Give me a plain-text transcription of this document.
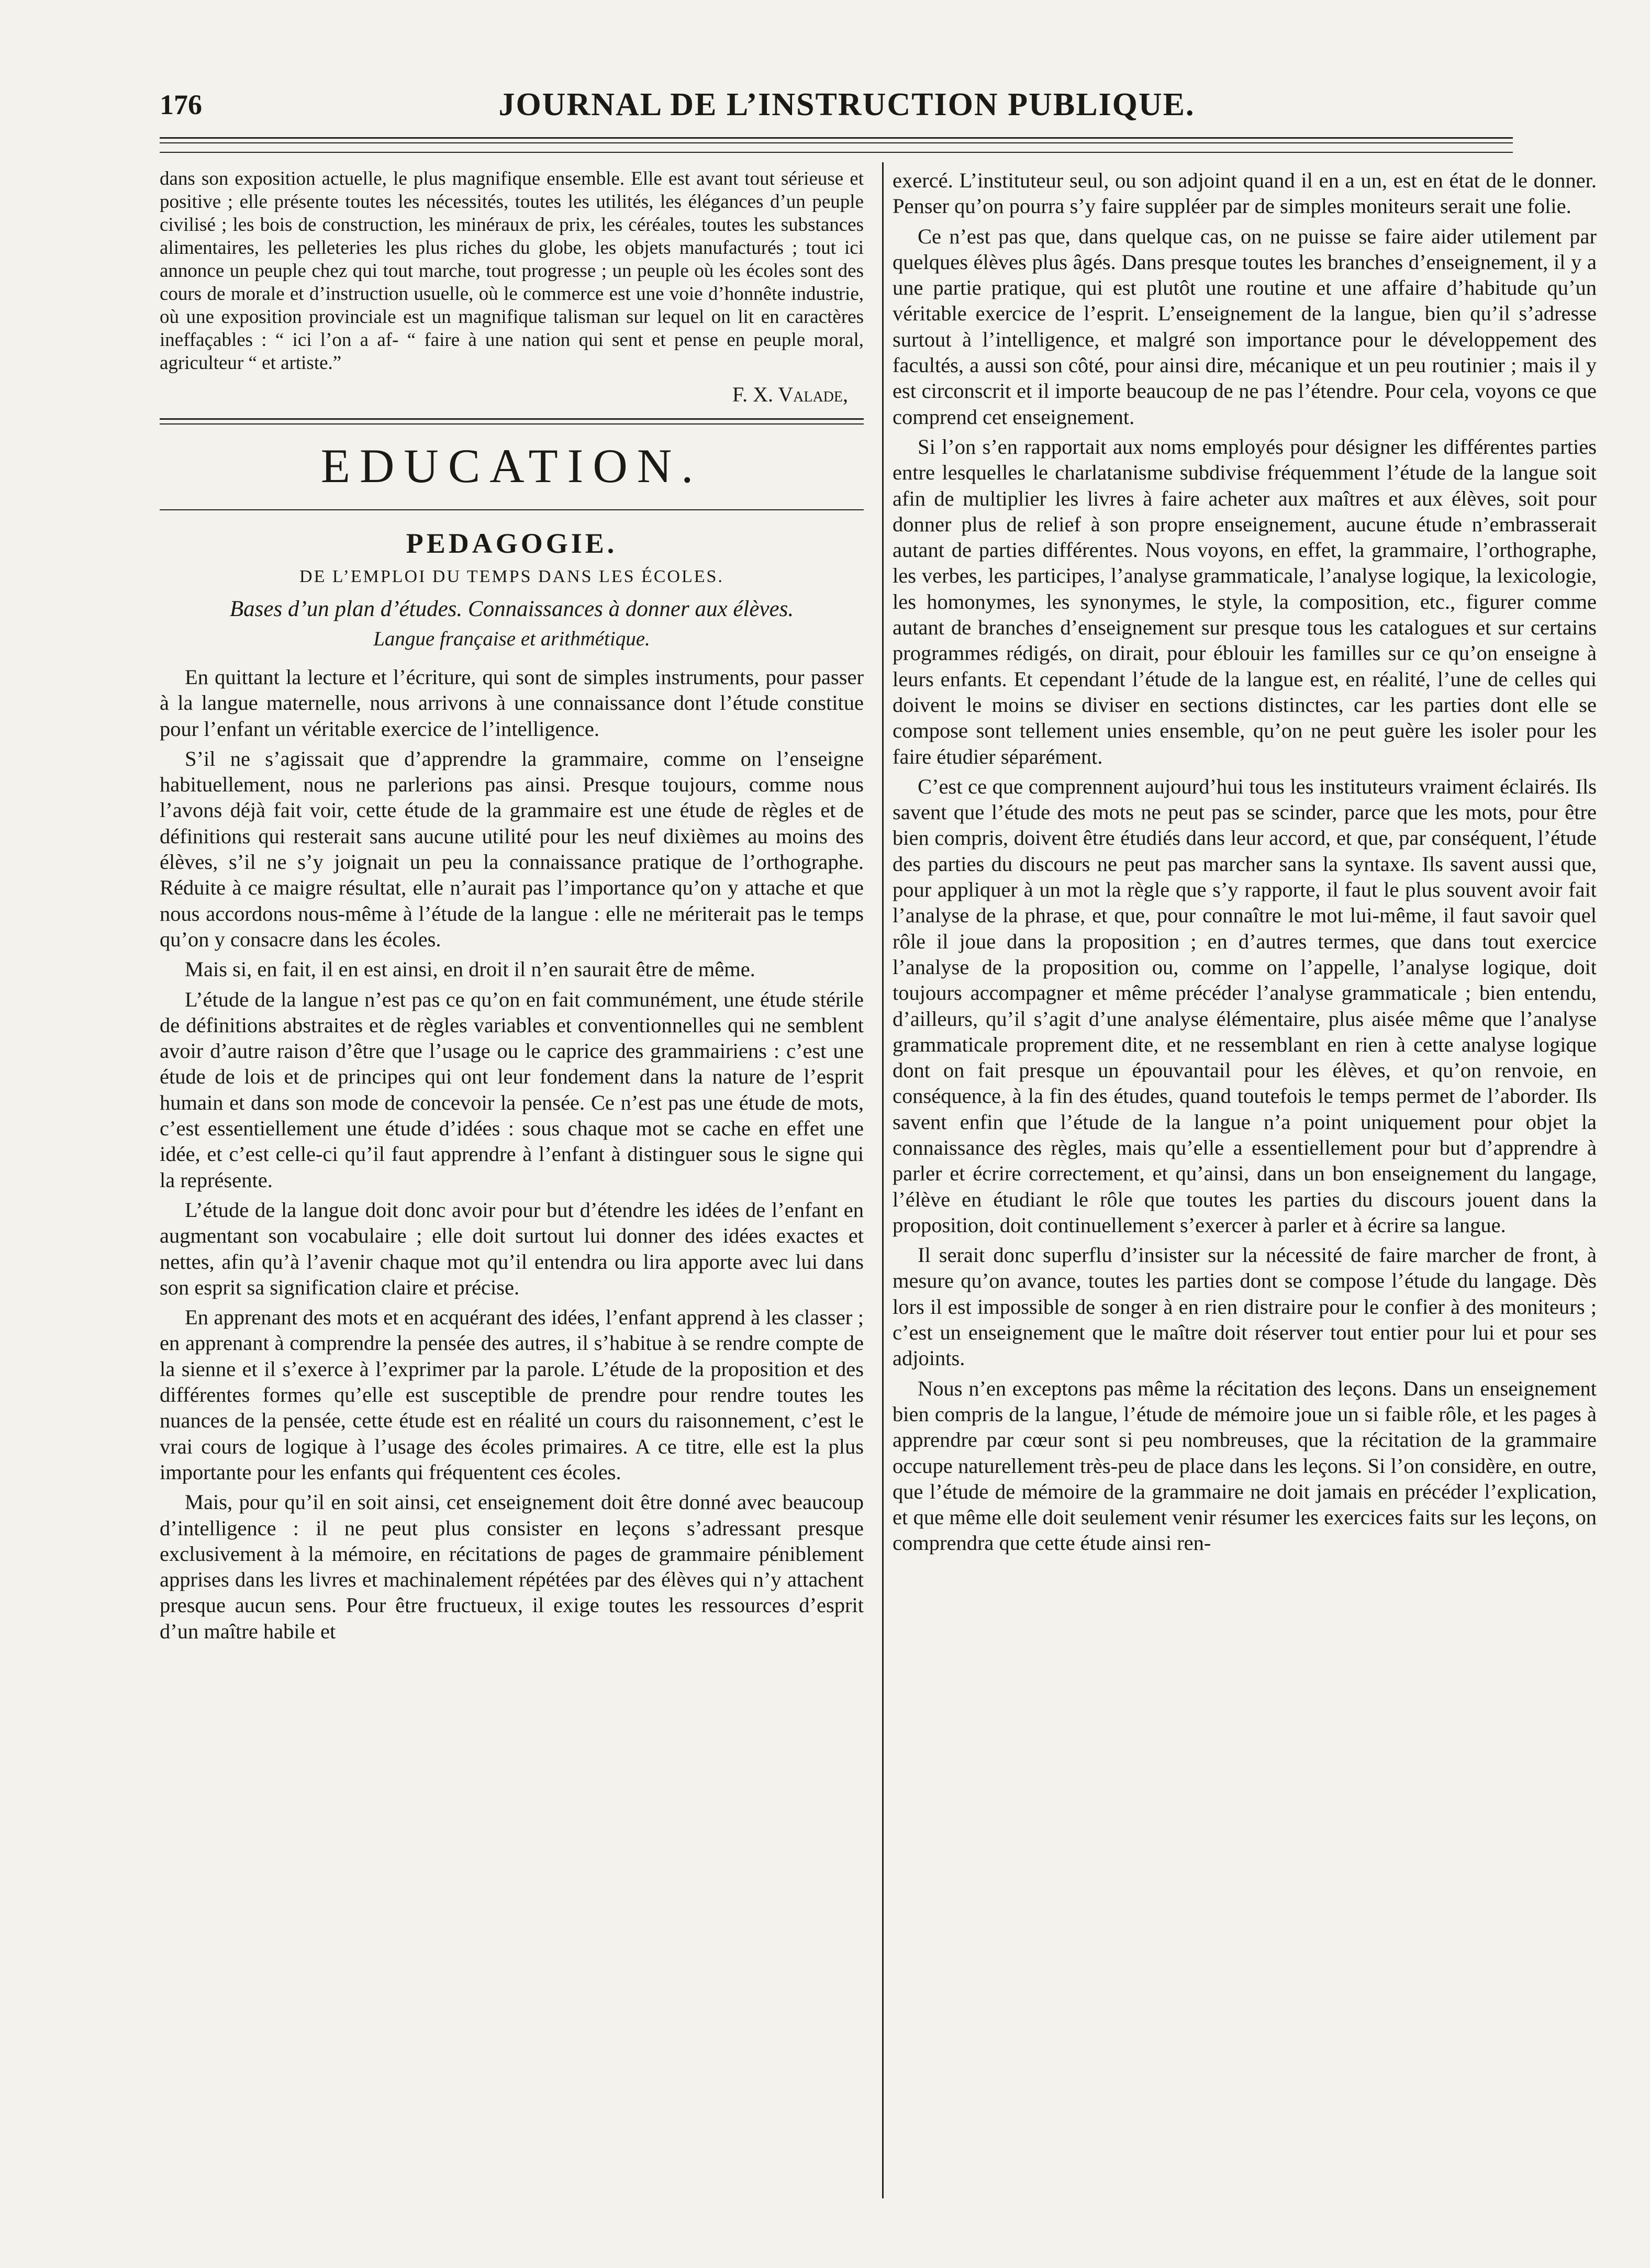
176	JOURNAL DE L’INSTRUCTION PUBLIQUE.

dans son exposition actuelle, le plus magnifique ensemble. Elle est avant tout sérieuse et positive ; elle présente toutes les nécessités, toutes les utilités, les élégances d’un peuple civilisé ; les bois de construction, les minéraux de prix, les céréales, toutes les substances alimentaires, les pelleteries les plus riches du globe, les objets manufacturés ; tout ici annonce un peuple chez qui tout marche, tout progresse ; un peuple où les écoles sont des cours de morale et d’instruction usuelle, où le commerce est une voie d’honnête industrie, où une exposition provinciale est un magnifique talisman sur lequel on lit en caractères ineffaçables : “ ici l’on a af- “ faire à une nation qui sent et pense en peuple moral, agriculteur “ et artiste.”

F. X. Valade,
EDUCATION.
PEDAGOGIE.
DE L’EMPLOI DU TEMPS DANS LES ÉCOLES.
Bases d’un plan d’études. Connaissances à donner aux élèves.
Langue française et arithmétique.

En quittant la lecture et l’écriture, qui sont de simples instruments, pour passer à la langue maternelle, nous arrivons à une connaissance dont l’étude constitue pour l’enfant un véritable exercice de l’intelligence.

S’il ne s’agissait que d’apprendre la grammaire, comme on l’enseigne habituellement, nous ne parlerions pas ainsi. Presque toujours, comme nous l’avons déjà fait voir, cette étude de la grammaire est une étude de règles et de définitions qui resterait sans aucune utilité pour les neuf dixièmes au moins des élèves, s’il ne s’y joignait un peu la connaissance pratique de l’orthographe. Réduite à ce maigre résultat, elle n’aurait pas l’importance qu’on y attache et que nous accordons nous-même à l’étude de la langue : elle ne mériterait pas le temps qu’on y consacre dans les écoles.

Mais si, en fait, il en est ainsi, en droit il n’en saurait être de même.

L’étude de la langue n’est pas ce qu’on en fait communément, une étude stérile de définitions abstraites et de règles variables et conventionnelles qui ne semblent avoir d’autre raison d’être que l’usage ou le caprice des grammairiens : c’est une étude de lois et de principes qui ont leur fondement dans la nature de l’esprit humain et dans son mode de concevoir la pensée. Ce n’est pas une étude de mots, c’est essentiellement une étude d’idées : sous chaque mot se cache en effet une idée, et c’est celle-ci qu’il faut apprendre à l’enfant à distinguer sous le signe qui la représente.

L’étude de la langue doit donc avoir pour but d’étendre les idées de l’enfant en augmentant son vocabulaire ; elle doit surtout lui donner des idées exactes et nettes, afin qu’à l’avenir chaque mot qu’il entendra ou lira apporte avec lui dans son esprit sa signification claire et précise.

En apprenant des mots et en acquérant des idées, l’enfant apprend à les classer ; en apprenant à comprendre la pensée des autres, il s’habitue à se rendre compte de la sienne et il s’exerce à l’exprimer par la parole. L’étude de la proposition et des différentes formes qu’elle est susceptible de prendre pour rendre toutes les nuances de la pensée, cette étude est en réalité un cours du raisonnement, c’est le vrai cours de logique à l’usage des écoles primaires. A ce titre, elle est la plus importante pour les enfants qui fréquentent ces écoles.

Mais, pour qu’il en soit ainsi, cet enseignement doit être donné avec beaucoup d’intelligence : il ne peut plus consister en leçons s’adressant presque exclusivement à la mémoire, en récitations de pages de grammaire péniblement apprises dans les livres et machinalement répétées par des élèves qui n’y attachent presque aucun sens. Pour être fructueux, il exige toutes les ressources d’esprit d’un maître habile et

exercé. L’instituteur seul, ou son adjoint quand il en a un, est en état de le donner. Penser qu’on pourra s’y faire suppléer par de simples moniteurs serait une folie.

Ce n’est pas que, dans quelque cas, on ne puisse se faire aider utilement par quelques élèves plus âgés. Dans presque toutes les branches d’enseignement, il y a une partie pratique, qui est plutôt une routine et une affaire d’habitude qu’un véritable exercice de l’esprit. L’enseignement de la langue, bien qu’il s’adresse surtout à l’intelligence, et malgré son importance pour le développement des facultés, a aussi son côté, pour ainsi dire, mécanique et un peu routinier ; mais il y est circonscrit et il importe beaucoup de ne pas l’étendre. Pour cela, voyons ce que comprend cet enseignement.

Si l’on s’en rapportait aux noms employés pour désigner les différentes parties entre lesquelles le charlatanisme subdivise fréquemment l’étude de la langue soit afin de multiplier les livres à faire acheter aux maîtres et aux élèves, soit pour donner plus de relief à son propre enseignement, aucune étude n’embrasserait autant de parties différentes. Nous voyons, en effet, la grammaire, l’orthographe, les verbes, les participes, l’analyse grammaticale, l’analyse logique, la lexicologie, les homonymes, les synonymes, le style, la composition, etc., figurer comme autant de branches d’enseignement sur presque tous les catalogues et sur certains programmes rédigés, on dirait, pour éblouir les familles sur ce qu’on enseigne à leurs enfants. Et cependant l’étude de la langue est, en réalité, l’une de celles qui doivent le moins se diviser en sections distinctes, car les parties dont elle se compose sont tellement unies ensemble, qu’on ne peut guère les isoler pour les faire étudier séparément.

C’est ce que comprennent aujourd’hui tous les instituteurs vraiment éclairés. Ils savent que l’étude des mots ne peut pas se scinder, parce que les mots, pour être bien compris, doivent être étudiés dans leur accord, et que, par conséquent, l’étude des parties du discours ne peut pas marcher sans la syntaxe. Ils savent aussi que, pour appliquer à un mot la règle que s’y rapporte, il faut le plus souvent avoir fait l’analyse de la phrase, et que, pour connaître le mot lui-même, il faut savoir quel rôle il joue dans la proposition ; en d’autres termes, que dans tout exercice l’analyse de la proposition ou, comme on l’appelle, l’analyse logique, doit toujours accompagner et même précéder l’analyse grammaticale ; bien entendu, d’ailleurs, qu’il s’agit d’une analyse élémentaire, plus aisée même que l’analyse grammaticale proprement dite, et ne ressemblant en rien à cette analyse logique dont on fait presque un épouvantail pour les élèves, et qu’on renvoie, en conséquence, à la fin des études, quand toutefois le temps permet de l’aborder. Ils savent enfin que l’étude de la langue n’a point uniquement pour objet la connaissance des règles, mais qu’elle a essentiellement pour but d’apprendre à parler et écrire correctement, et qu’ainsi, dans un bon enseignement du langage, l’élève en étudiant le rôle que toutes les parties du discours jouent dans la proposition, doit continuellement s’exercer à parler et à écrire sa langue.

Il serait donc superflu d’insister sur la nécessité de faire marcher de front, à mesure qu’on avance, toutes les parties dont se compose l’étude du langage. Dès lors il est impossible de songer à en rien distraire pour le confier à des moniteurs ; c’est un enseignement que le maître doit réserver tout entier pour lui et pour ses adjoints.

Nous n’en exceptons pas même la récitation des leçons. Dans un enseignement bien compris de la langue, l’étude de mémoire joue un si faible rôle, et les pages à apprendre par cœur sont si peu nombreuses, que la récitation de la grammaire occupe naturellement très-peu de place dans les leçons. Si l’on considère, en outre, que l’étude de mémoire de la grammaire ne doit jamais en précéder l’explication, et que même elle doit seulement venir résumer les exercices faits sur les leçons, on comprendra que cette étude ainsi ren-
